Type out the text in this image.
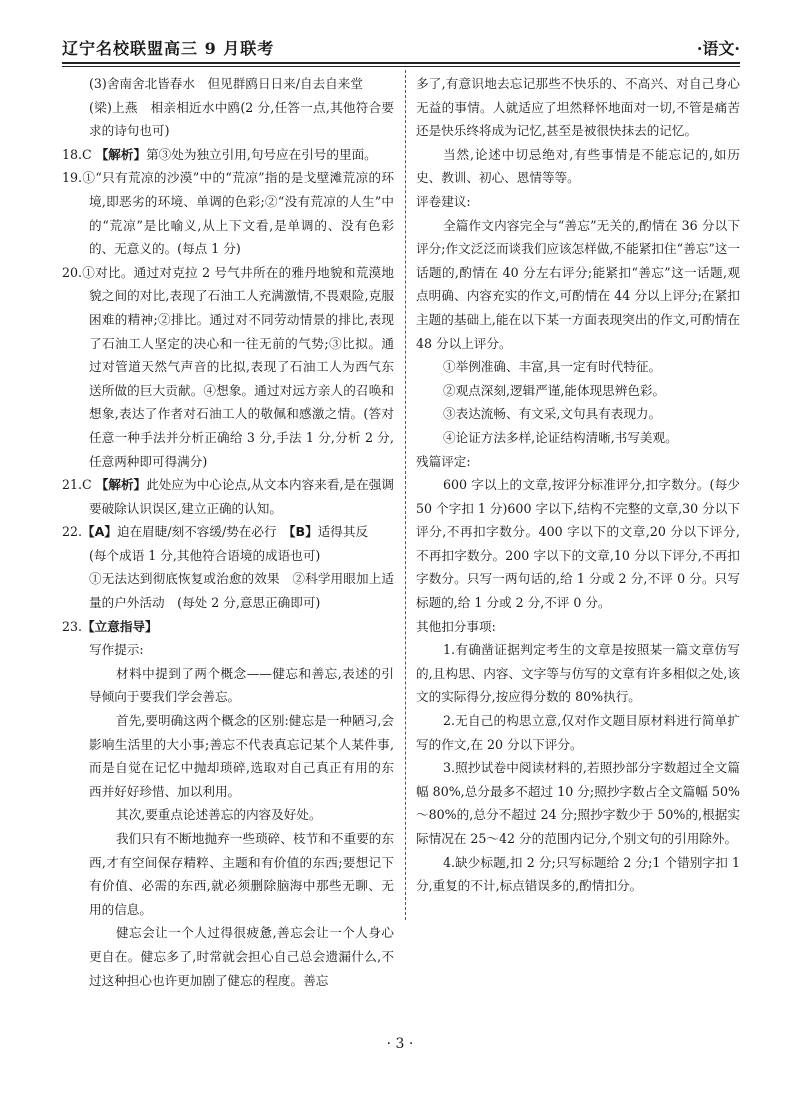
辽宁名校联盟高三 9 月联考	·语文·

(3)舍南舍北皆春水　但见群鸥日日来/自去自来堂

(梁)上燕　相亲相近水中鸥(2 分,任答一点,其他符合要求的诗句也可)

18.C 【解析】第③处为独立引用,句号应在引号的里面。

19.①“只有荒凉的沙漠”中的“荒凉”指的是戈壁滩荒凉的环境,即恶劣的环境、单调的色彩;②“没有荒凉的人生”中的“荒凉”是比喻义,从上下文看,是单调的、没有色彩的、无意义的。(每点 1 分)

20.①对比。通过对克拉 2 号气井所在的雅丹地貌和荒漠地貌之间的对比,表现了石油工人充满激情,不畏艰险,克服困难的精神;②排比。通过对不同劳动情景的排比,表现了石油工人坚定的决心和一往无前的气势;③比拟。通过对管道天然气声音的比拟,表现了石油工人为西气东送所做的巨大贡献。④想象。通过对远方亲人的召唤和想象,表达了作者对石油工人的敬佩和感激之情。(答对任意一种手法并分析正确给 3 分,手法 1 分,分析 2 分,任意两种即可得满分)

21.C 【解析】此处应为中心论点,从文本内容来看,是在强调要破除认识误区,建立正确的认知。

22.【A】迫在眉睫/刻不容缓/势在必行　【B】适得其反

(每个成语 1 分,其他符合语境的成语也可)

①无法达到彻底恢复或治愈的效果　②科学用眼加上适量的户外活动　(每处 2 分,意思正确即可)

23.【立意指导】

写作提示:

材料中提到了两个概念——健忘和善忘,表述的引导倾向于要我们学会善忘。

首先,要明确这两个概念的区别:健忘是一种陋习,会影响生活里的大小事;善忘不代表真忘记某个人某件事,而是自觉在记忆中抛却琐碎,选取对自己真正有用的东西并好好珍惜、加以利用。

其次,要重点论述善忘的内容及好处。

我们只有不断地抛弃一些琐碎、枝节和不重要的东西,才有空间保存精粹、主题和有价值的东西;要想记下有价值、必需的东西,就必须删除脑海中那些无聊、无用的信息。

健忘会让一个人过得很疲惫,善忘会让一个人身心更自在。健忘多了,时常就会担心自己总会遗漏什么,不过这种担心也许更加剧了健忘的程度。善忘

多了,有意识地去忘记那些不快乐的、不高兴、对自己身心无益的事情。人就适应了坦然释怀地面对一切,不管是痛苦还是快乐终将成为记忆,甚至是被很快抹去的记忆。

当然,论述中切忌绝对,有些事情是不能忘记的,如历史、教训、初心、恩情等等。

评卷建议:

全篇作文内容完全与“善忘”无关的,酌情在 36 分以下评分;作文泛泛而谈我们应该怎样做,不能紧扣住“善忘”这一话题的,酌情在 40 分左右评分;能紧扣“善忘”这一话题,观点明确、内容充实的作文,可酌情在 44 分以上评分;在紧扣主题的基础上,能在以下某一方面表现突出的作文,可酌情在 48 分以上评分。

①举例准确、丰富,具一定有时代特征。

②观点深刻,逻辑严谨,能体现思辨色彩。

③表达流畅、有文采,文句具有表现力。

④论证方法多样,论证结构清晰,书写美观。

残篇评定:

600 字以上的文章,按评分标准评分,扣字数分。(每少 50 个字扣 1 分)600 字以下,结构不完整的文章,30 分以下评分,不再扣字数分。400 字以下的文章,20 分以下评分,不再扣字数分。200 字以下的文章,10 分以下评分,不再扣字数分。只写一两句话的,给 1 分或 2 分,不评 0 分。只写标题的,给 1 分或 2 分,不评 0 分。

其他扣分事项:

1.有确凿证据判定考生的文章是按照某一篇文章仿写的,且构思、内容、文字等与仿写的文章有许多相似之处,该文的实际得分,按应得分数的 80%执行。

2.无自己的构思立意,仅对作文题目原材料进行简单扩写的作文,在 20 分以下评分。

3.照抄试卷中阅读材料的,若照抄部分字数超过全文篇幅 80%,总分最多不超过 10 分;照抄字数占全文篇幅 50%～80%的,总分不超过 24 分;照抄字数少于 50%的,根据实际情况在 25～42 分的范围内记分,个别文句的引用除外。

4.缺少标题,扣 2 分;只写标题给 2 分;1 个错别字扣 1 分,重复的不计,标点错误多的,酌情扣分。

· 3 ·
